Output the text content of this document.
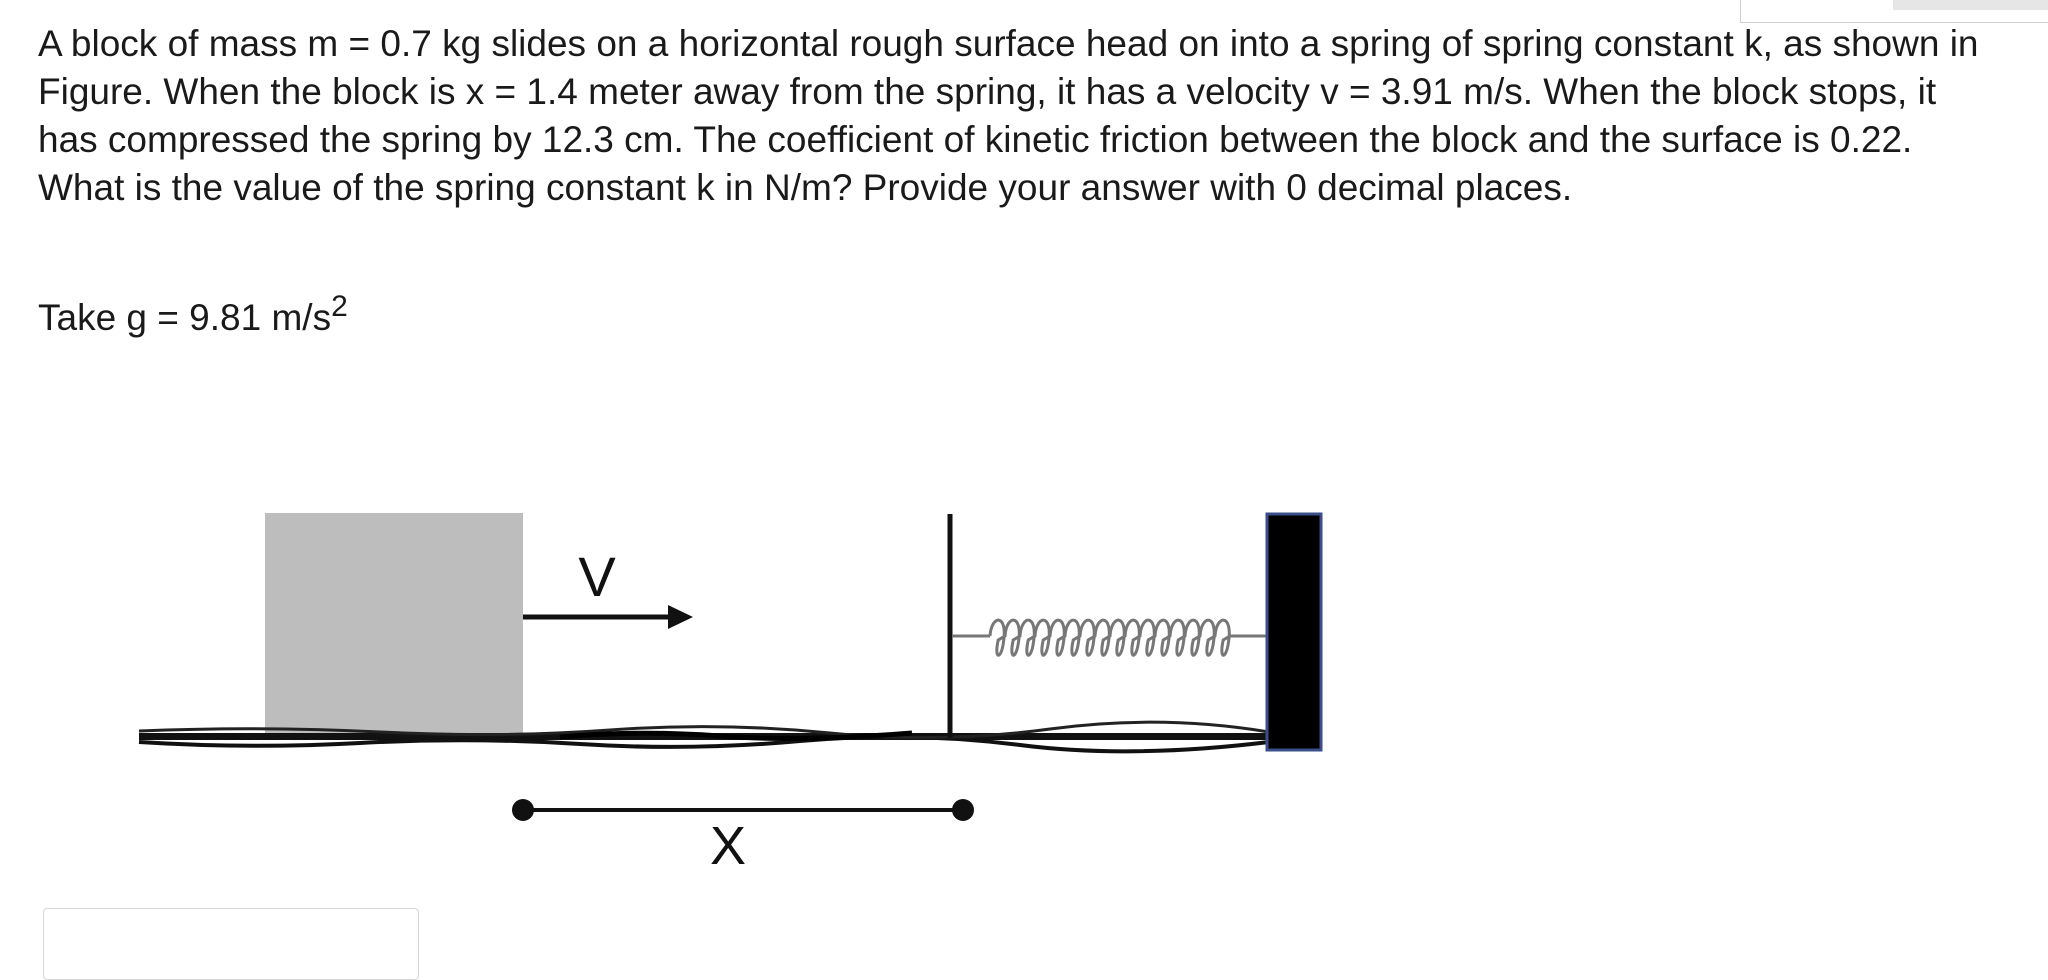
A block of mass m = 0.7 kg slides on a horizontal rough surface head on into a spring of spring constant k, as shown in Figure. When the block is x = 1.4 meter away from the spring, it has a velocity v = 3.91 m/s. When the block stops, it has compressed the spring by 12.3 cm. The coefficient of kinetic friction between the block and the surface is 0.22. What is the value of the spring constant k in N/m? Provide your answer with 0 decimal places.

Take g = 9.81 $m/s^2$

V
X
